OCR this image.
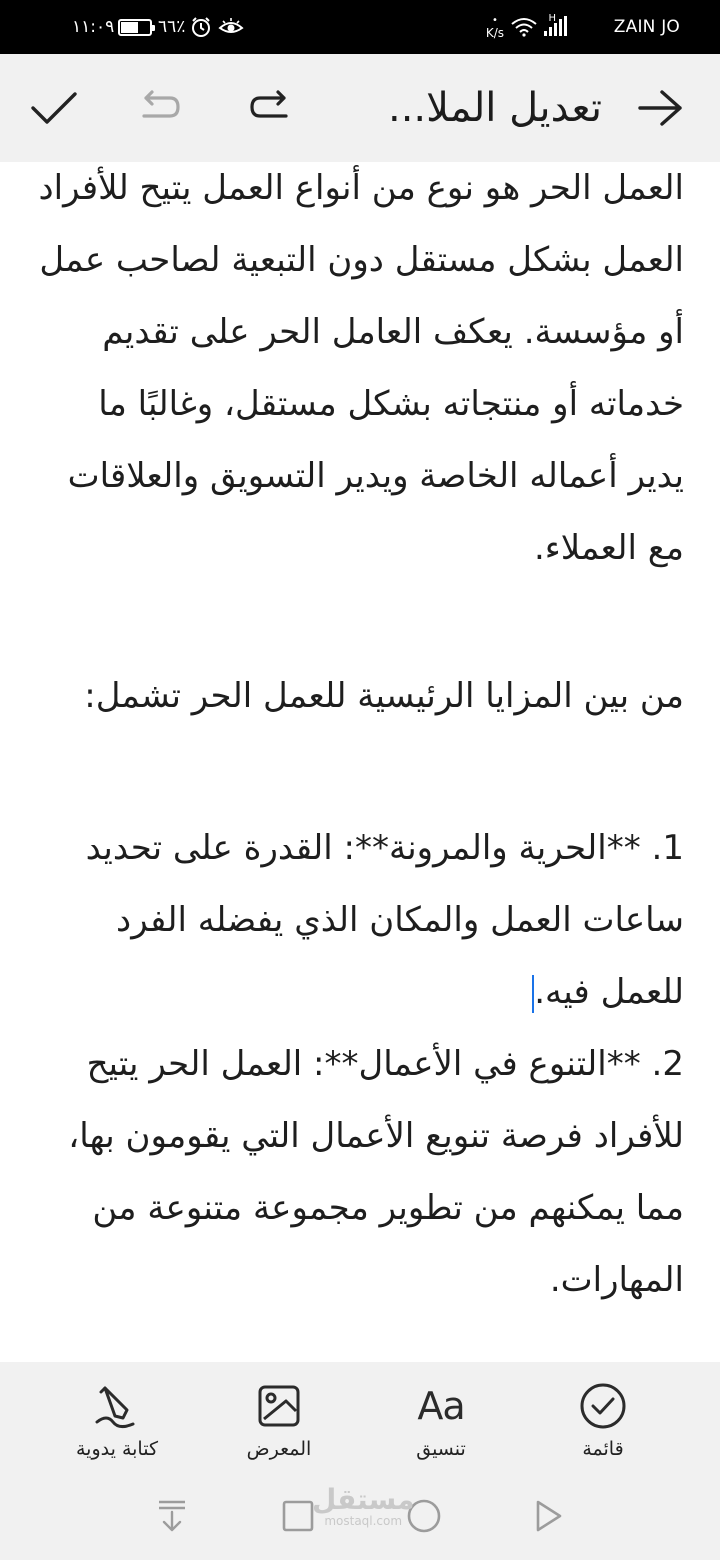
١١:٠٩	٦٦٪	•
K/s
H	ZAIN JO
تعديل الملا...

العمل الحر هو نوع من أنواع العمل يتيح للأفراد العمل بشكل مستقل دون التبعية لصاحب عمل أو مؤسسة. يعكف العامل الحر على تقديم خدماته أو منتجاته بشكل مستقل، وغالبًا ما يدير أعماله الخاصة ويدير التسويق والعلاقات مع العملاء.

من بين المزايا الرئيسية للعمل الحر تشمل:

1. **الحرية والمرونة**: القدرة على تحديد ساعات العمل والمكان الذي يفضله الفرد للعمل فيه.
2. **التنوع في الأعمال**: العمل الحر يتيح للأفراد فرصة تنويع الأعمال التي يقومون بها، مما يمكنهم من تطوير مجموعة متنوعة من المهارات.
قائمة
Aa
تنسيق
المعرض
كتابة يدوية
مستقل
mostaql.com
